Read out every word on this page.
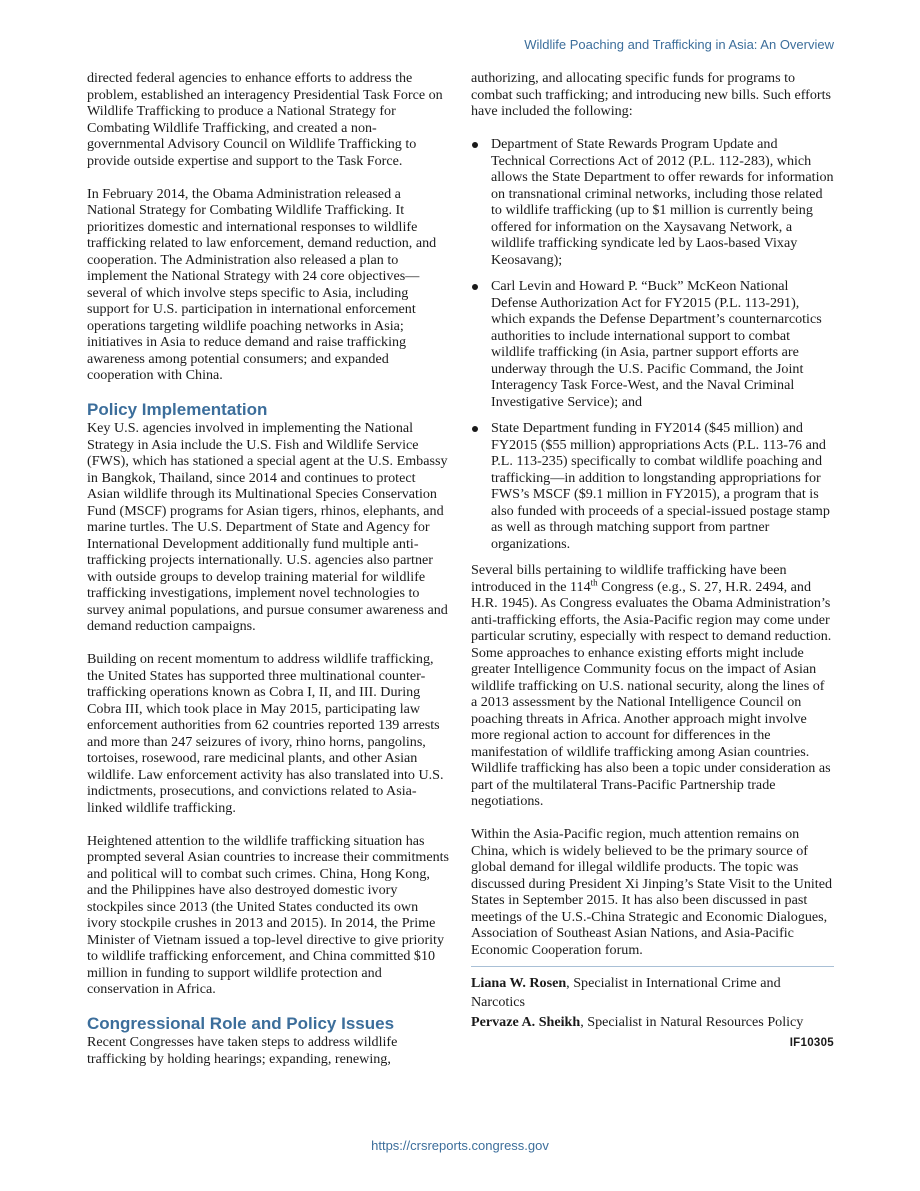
Wildlife Poaching and Trafficking in Asia: An Overview

directed federal agencies to enhance efforts to address the problem, established an interagency Presidential Task Force on Wildlife Trafficking to produce a National Strategy for Combating Wildlife Trafficking, and created a non-governmental Advisory Council on Wildlife Trafficking to provide outside expertise and support to the Task Force.

In February 2014, the Obama Administration released a National Strategy for Combating Wildlife Trafficking. It prioritizes domestic and international responses to wildlife trafficking related to law enforcement, demand reduction, and cooperation. The Administration also released a plan to implement the National Strategy with 24 core objectives—several of which involve steps specific to Asia, including support for U.S. participation in international enforcement operations targeting wildlife poaching networks in Asia; initiatives in Asia to reduce demand and raise trafficking awareness among potential consumers; and expanded cooperation with China.

Policy Implementation

Key U.S. agencies involved in implementing the National Strategy in Asia include the U.S. Fish and Wildlife Service (FWS), which has stationed a special agent at the U.S. Embassy in Bangkok, Thailand, since 2014 and continues to protect Asian wildlife through its Multinational Species Conservation Fund (MSCF) programs for Asian tigers, rhinos, elephants, and marine turtles. The U.S. Department of State and Agency for International Development additionally fund multiple anti-trafficking projects internationally. U.S. agencies also partner with outside groups to develop training material for wildlife trafficking investigations, implement novel technologies to survey animal populations, and pursue consumer awareness and demand reduction campaigns.

Building on recent momentum to address wildlife trafficking, the United States has supported three multinational counter-trafficking operations known as Cobra I, II, and III. During Cobra III, which took place in May 2015, participating law enforcement authorities from 62 countries reported 139 arrests and more than 247 seizures of ivory, rhino horns, pangolins, tortoises, rosewood, rare medicinal plants, and other Asian wildlife. Law enforcement activity has also translated into U.S. indictments, prosecutions, and convictions related to Asia-linked wildlife trafficking.

Heightened attention to the wildlife trafficking situation has prompted several Asian countries to increase their commitments and political will to combat such crimes. China, Hong Kong, and the Philippines have also destroyed domestic ivory stockpiles since 2013 (the United States conducted its own ivory stockpile crushes in 2013 and 2015). In 2014, the Prime Minister of Vietnam issued a top-level directive to give priority to wildlife trafficking enforcement, and China committed $10 million in funding to support wildlife protection and conservation in Africa.

Congressional Role and Policy Issues

Recent Congresses have taken steps to address wildlife trafficking by holding hearings; expanding, renewing,

authorizing, and allocating specific funds for programs to combat such trafficking; and introducing new bills. Such efforts have included the following:

Department of State Rewards Program Update and Technical Corrections Act of 2012 (P.L. 112-283), which allows the State Department to offer rewards for information on transnational criminal networks, including those related to wildlife trafficking (up to $1 million is currently being offered for information on the Xaysavang Network, a wildlife trafficking syndicate led by Laos-based Vixay Keosavang);
Carl Levin and Howard P. “Buck” McKeon National Defense Authorization Act for FY2015 (P.L. 113-291), which expands the Defense Department’s counternarcotics authorities to include international support to combat wildlife trafficking (in Asia, partner support efforts are underway through the U.S. Pacific Command, the Joint Interagency Task Force-West, and the Naval Criminal Investigative Service); and
State Department funding in FY2014 ($45 million) and FY2015 ($55 million) appropriations Acts (P.L. 113-76 and P.L. 113-235) specifically to combat wildlife poaching and trafficking—in addition to longstanding appropriations for FWS’s MSCF ($9.1 million in FY2015), a program that is also funded with proceeds of a special-issued postage stamp as well as through matching support from partner organizations.

Several bills pertaining to wildlife trafficking have been introduced in the 114th Congress (e.g., S. 27, H.R. 2494, and H.R. 1945). As Congress evaluates the Obama Administration’s anti-trafficking efforts, the Asia-Pacific region may come under particular scrutiny, especially with respect to demand reduction. Some approaches to enhance existing efforts might include greater Intelligence Community focus on the impact of Asian wildlife trafficking on U.S. national security, along the lines of a 2013 assessment by the National Intelligence Council on poaching threats in Africa. Another approach might involve more regional action to account for differences in the manifestation of wildlife trafficking among Asian countries. Wildlife trafficking has also been a topic under consideration as part of the multilateral Trans-Pacific Partnership trade negotiations.

Within the Asia-Pacific region, much attention remains on China, which is widely believed to be the primary source of global demand for illegal wildlife products. The topic was discussed during President Xi Jinping’s State Visit to the United States in September 2015. It has also been discussed in past meetings of the U.S.-China Strategic and Economic Dialogues, Association of Southeast Asian Nations, and Asia-Pacific Economic Cooperation forum.

Liana W. Rosen, Specialist in International Crime and Narcotics
Pervaze A. Sheikh, Specialist in Natural Resources Policy
IF10305
https://crsreports.congress.gov
